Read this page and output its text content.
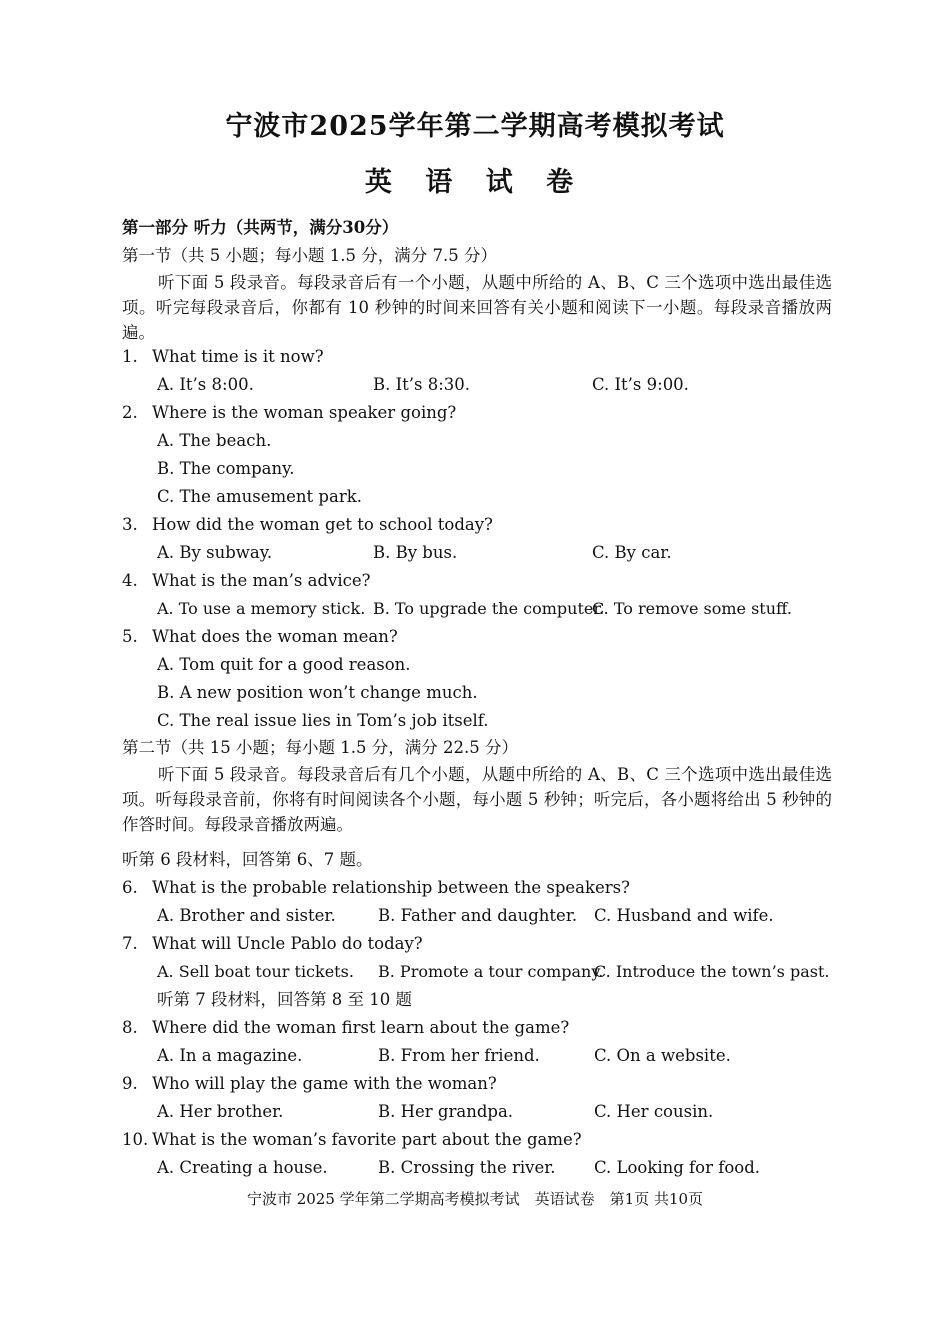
宁波市2025学年第二学期高考模拟考试
英 语 试 卷
第一部分 听力（共两节，满分30分）
第一节（共 5 小题；每小题 1.5 分，满分 7.5 分）
听下面 5 段录音。每段录音后有一个小题，从题中所给的 A、B、C 三个选项中选出最佳选项。听完每段录音后，你都有 10 秒钟的时间来回答有关小题和阅读下一小题。每段录音播放两遍。
1. What time is it now?
A. It’s 8:00.	B. It’s 8:30.	C. It’s 9:00.
2. Where is the woman speaker going?
A. The beach.
B. The company.
C. The amusement park.
3. How did the woman get to school today?
A. By subway.	B. By bus.	C. By car.
4. What is the man’s advice?
A. To use a memory stick. B. To upgrade the computer.
C. To remove some stuff.
5. What does the woman mean?
A. Tom quit for a good reason.
B. A new position won’t change much.
C. The real issue lies in Tom’s job itself.
第二节（共 15 小题；每小题 1.5 分，满分 22.5 分）
听下面 5 段录音。每段录音后有几个小题，从题中所给的 A、B、C 三个选项中选出最佳选项。听每段录音前，你将有时间阅读各个小题，每小题 5 秒钟；听完后，各小题将给出 5 秒钟的作答时间。每段录音播放两遍。
听第 6 段材料，回答第 6、7 题。
6. What is the probable relationship between the speakers?
A. Brother and sister.	B. Father and daughter. C. Husband and wife.
7. What will Uncle Pablo do today?
A. Sell boat tour tickets. B. Promote a tour company.
C. Introduce the town’s past.
听第 7 段材料，回答第 8 至 10 题
8. Where did the woman first learn about the game?
A. In a magazine.	B. From her friend.	C. On a website.
9. Who will play the game with the woman?
A. Her brother.	B. Her grandpa.	C. Her cousin.
10. What is the woman’s favorite part about the game?
A. Creating a house.	B. Crossing the river. C. Looking for food.
宁波市 2025 学年第二学期高考模拟考试　英语试卷　第1页 共10页
